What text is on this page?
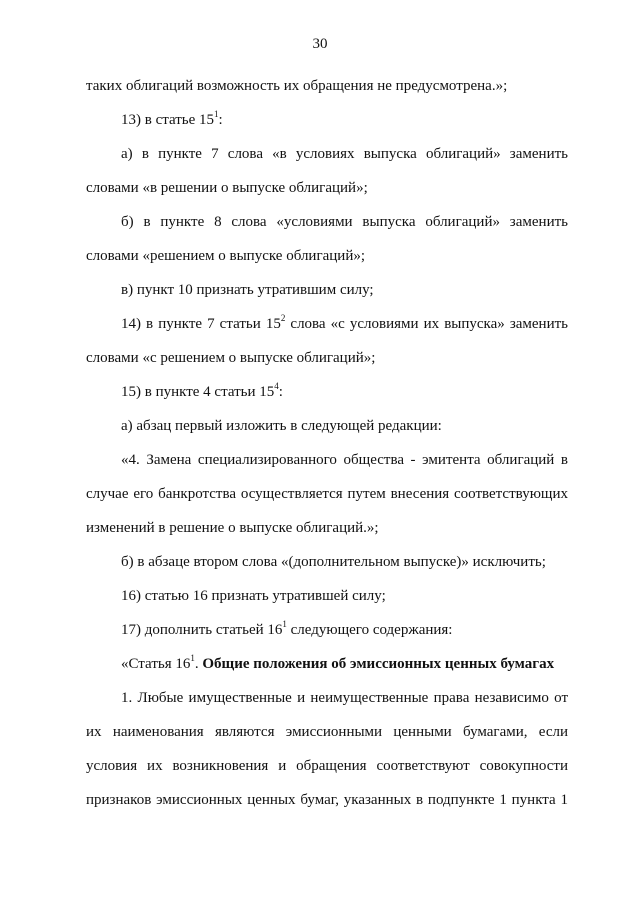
30
таких облигаций возможность их обращения не предусмотрена.»;
13) в статье $15^1$:
а) в пункте 7 слова «в условиях выпуска облигаций» заменить
словами «в решении о выпуске облигаций»;
б) в пункте 8 слова «условиями выпуска облигаций» заменить
словами «решением о выпуске облигаций»;
в) пункт 10 признать утратившим силу;
14) в пункте 7 статьи $15^2$ слова «с условиями их выпуска» заменить
словами «с решением о выпуске облигаций»;
15) в пункте 4 статьи $15^4$:
а) абзац первый изложить в следующей редакции:
«4. Замена специализированного общества - эмитента облигаций в
случае его банкротства осуществляется путем внесения соответствующих
изменений в решение о выпуске облигаций.»;
б) в абзаце втором слова «(дополнительном выпуске)» исключить;
16) статью 16 признать утратившей силу;
17) дополнить статьей $16^1$ следующего содержания:
«Статья $16^1$. Общие положения об эмиссионных ценных бумагах
1. Любые имущественные и неимущественные права независимо от
их наименования являются эмиссионными ценными бумагами, если
условия их возникновения и обращения соответствуют совокупности
признаков эмиссионных ценных бумаг, указанных в подпункте 1 пункта 1
